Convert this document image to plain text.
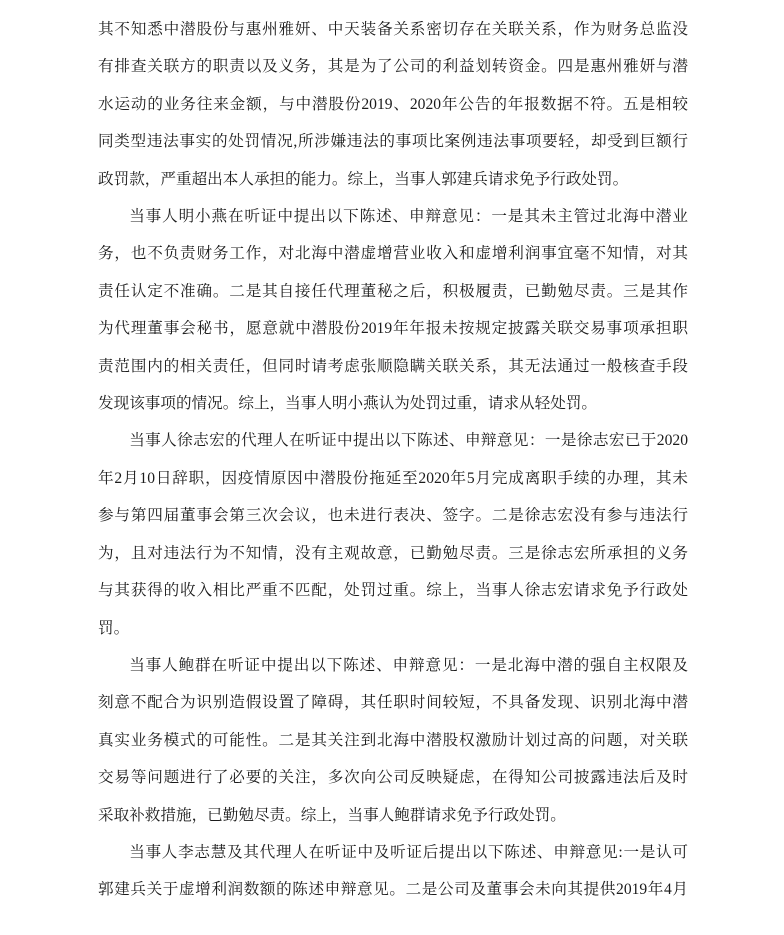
其不知悉中潜股份与惠州雅妍、中天装备关系密切存在关联关系，作为财务总监没
有排查关联方的职责以及义务，其是为了公司的利益划转资金。四是惠州雅妍与潜
水运动的业务往来金额，与中潜股份2019、2020年公告的年报数据不符。五是相较
同类型违法事实的处罚情况,所涉嫌违法的事项比案例违法事项要轻，却受到巨额行
政罚款，严重超出本人承担的能力。综上，当事人郭建兵请求免予行政处罚。
当事人明小燕在听证中提出以下陈述、申辩意见：一是其未主管过北海中潜业
务，也不负责财务工作，对北海中潜虚增营业收入和虚增利润事宜毫不知情，对其
责任认定不准确。二是其自接任代理董秘之后，积极履责，已勤勉尽责。三是其作
为代理董事会秘书，愿意就中潜股份2019年年报未按规定披露关联交易事项承担职
责范围内的相关责任，但同时请考虑张顺隐瞒关联关系，其无法通过一般核查手段
发现该事项的情况。综上，当事人明小燕认为处罚过重，请求从轻处罚。
当事人徐志宏的代理人在听证中提出以下陈述、申辩意见：一是徐志宏已于2020
年2月10日辞职，因疫情原因中潜股份拖延至2020年5月完成离职手续的办理，其未
参与第四届董事会第三次会议，也未进行表决、签字。二是徐志宏没有参与违法行
为，且对违法行为不知情，没有主观故意，已勤勉尽责。三是徐志宏所承担的义务
与其获得的收入相比严重不匹配，处罚过重。综上，当事人徐志宏请求免予行政处
罚。
当事人鲍群在听证中提出以下陈述、申辩意见：一是北海中潜的强自主权限及
刻意不配合为识别造假设置了障碍，其任职时间较短，不具备发现、识别北海中潜
真实业务模式的可能性。二是其关注到北海中潜股权激励计划过高的问题，对关联
交易等问题进行了必要的关注，多次向公司反映疑虑，在得知公司披露违法后及时
采取补救措施，已勤勉尽责。综上，当事人鲍群请求免予行政处罚。
当事人李志慧及其代理人在听证中及听证后提出以下陈述、申辩意见:一是认可
郭建兵关于虚增利润数额的陈述申辩意见。二是公司及董事会未向其提供2019年4月
